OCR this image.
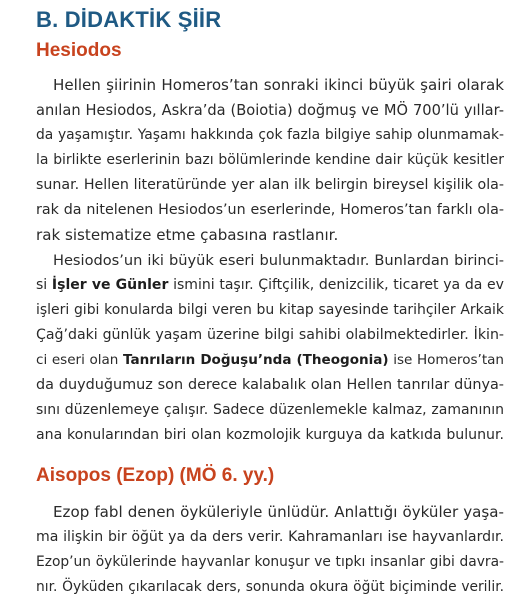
B. DİDAKTİK ŞİİR
Hesiodos

Hellen şiirinin Homeros’tan sonraki ikinci büyük şairi olarak
anılan Hesiodos, Askra’da (Boiotia) doğmuş ve MÖ 700’lü yıllar-
da yaşamıştır. Yaşamı hakkında çok fazla bilgiye sahip olunmamak-
la birlikte eserlerinin bazı bölümlerinde kendine dair küçük kesitler
sunar. Hellen literatüründe yer alan ilk belirgin bireysel kişilik ola-
rak da nitelenen Hesiodos’un eserlerinde, Homeros’tan farklı ola-
rak sistematize etme çabasına rastlanır.

Hesiodos’un iki büyük eseri bulunmaktadır. Bunlardan birinci-
si İşler ve Günler ismini taşır. Çiftçilik, denizcilik, ticaret ya da ev
işleri gibi konularda bilgi veren bu kitap sayesinde tarihçiler Arkaik
Çağ’daki günlük yaşam üzerine bilgi sahibi olabilmektedirler. İkin-
ci eseri olan Tanrıların Doğuşu’nda (Theogonia) ise Homeros’tan
da duyduğumuz son derece kalabalık olan Hellen tanrılar dünya-
sını düzenlemeye çalışır. Sadece düzenlemekle kalmaz, zamanının
ana konularından biri olan kozmolojik kurguya da katkıda bulunur.

Aisopos (Ezop) (MÖ 6. yy.)

Ezop fabl denen öyküleriyle ünlüdür. Anlattığı öyküler yaşa-
ma ilişkin bir öğüt ya da ders verir. Kahramanları ise hayvanlardır.
Ezop’un öykülerinde hayvanlar konuşur ve tıpkı insanlar gibi davra-
nır. Öyküden çıkarılacak ders, sonunda okura öğüt biçiminde verilir.
